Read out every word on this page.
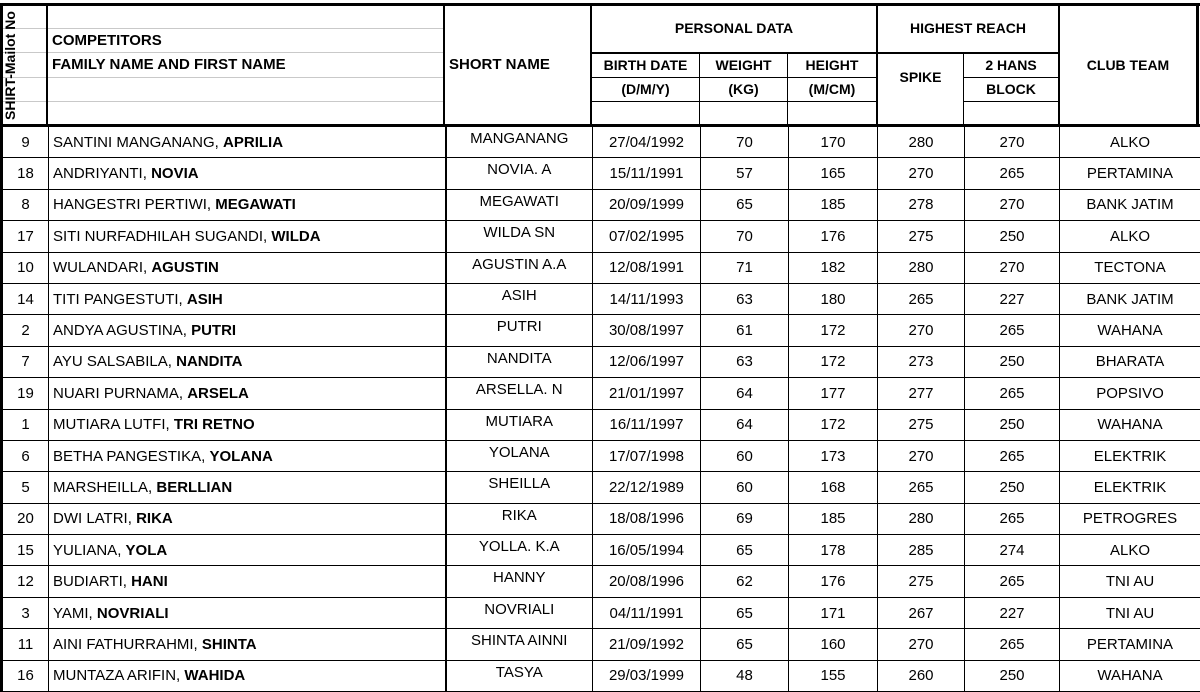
SHIRT-Mailot No COMPETITORS
FAMILY NAME AND FIRST NAME	SHORT NAME
PERSONAL DATA
BIRTH DATE
(D/M/Y)
WEIGHT
(KG)
HEIGHT
(M/CM)
HIGHEST REACH
SPIKE
2 HANS
BLOCK
CLUB TEAM
9	SANTINI MANGANANG, APRILIA	MANGANANG	27/04/1992	70	170	280	270	ALKO
18	ANDRIYANTI, NOVIA	NOVIA. A	15/11/1991	57	165	270	265	PERTAMINA
8	HANGESTRI PERTIWI, MEGAWATI	MEGAWATI	20/09/1999	65	185	278	270	BANK JATIM
17	SITI NURFADHILAH SUGANDI, WILDA	WILDA SN	07/02/1995	70	176	275	250	ALKO
10	WULANDARI, AGUSTIN	AGUSTIN A.A	12/08/1991	71	182	280	270	TECTONA
14	TITI PANGESTUTI, ASIH	ASIH	14/11/1993	63	180	265	227	BANK JATIM
2	ANDYA AGUSTINA, PUTRI	PUTRI	30/08/1997	61	172	270	265	WAHANA
7	AYU SALSABILA, NANDITA	NANDITA	12/06/1997	63	172	273	250	BHARATA
19	NUARI PURNAMA, ARSELA	ARSELLA. N	21/01/1997	64	177	277	265	POPSIVO
1	MUTIARA LUTFI, TRI RETNO	MUTIARA	16/11/1997	64	172	275	250	WAHANA
6	BETHA PANGESTIKA, YOLANA	YOLANA	17/07/1998	60	173	270	265	ELEKTRIK
5	MARSHEILLA, BERLLIAN	SHEILLA	22/12/1989	60	168	265	250	ELEKTRIK
20	DWI LATRI, RIKA	RIKA	18/08/1996	69	185	280	265	PETROGRES
15	YULIANA, YOLA	YOLLA. K.A	16/05/1994	65	178	285	274	ALKO
12	BUDIARTI, HANI	HANNY	20/08/1996	62	176	275	265	TNI AU
3	YAMI, NOVRIALI	NOVRIALI	04/11/1991	65	171	267	227	TNI AU
11	AINI FATHURRAHMI, SHINTA	SHINTA AINNI	21/09/1992	65	160	270	265	PERTAMINA
16	MUNTAZA ARIFIN, WAHIDA	TASYA	29/03/1999	48	155	260	250	WAHANA
